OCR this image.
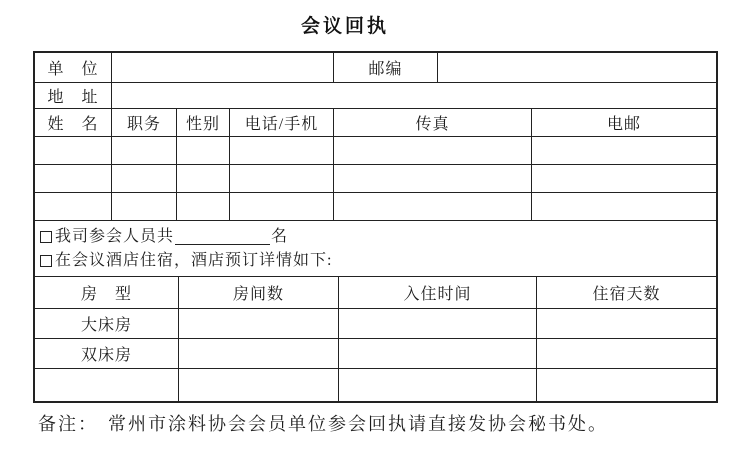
会议回执
单　位	邮编
地　址
姓　名	职务	性别	电话/手机	传真	电邮
我司参会人员共	名
在会议酒店住宿，酒店预订详情如下:
房　型	房间数	入住时间	住宿天数
大床房
双床房
备注： 常州市涂料协会会员单位参会回执请直接发协会秘书处。
